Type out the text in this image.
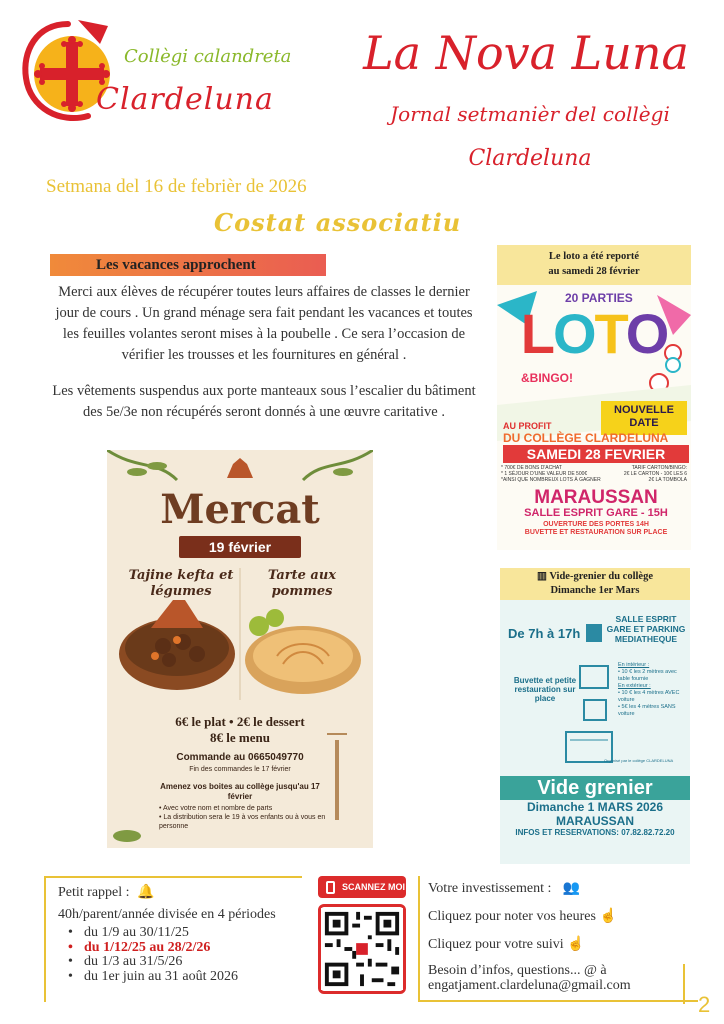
Collègi calandreta
Clardeluna
La Nova Luna
Jornal setmanièr del collègi
Clardeluna
Setmana del 16 de febrièr de 2026
Costat associatiu
Les vacances approchent

Merci aux élèves de récupérer toutes leurs affaires de classes le dernier jour de cours . Un grand ménage sera fait pendant les vacances et toutes les feuilles volantes seront mises à la poubelle . Ce sera l’occasion de vérifier les trousses et les fournitures en général .

Les vêtements suspendus aux porte manteaux sous l’escalier du bâtiment des 5e/3e non récupérés seront donnés à une œuvre caritative .

Mercat
19 février
Tajine kefta et légumes
Tarte aux pommes
6€ le plat • 2€ le dessert
8€ le menu
Commande au 0665049770
Fin des commandes le 17 février
Amenez vos boites au collège jusqu'au 17 février
• Avec votre nom et nombre de parts
• La distribution sera le 19 à vos enfants ou à vous en personne
Le loto a été reporté
au samedi 28 février
20 PARTIES
LOTO
&BINGO!
NOUVELLE
DATE
AU PROFIT
DU COLLÈGE CLARDELUNA
SAMEDI 28 FEVRIER
* 700€ DE BONS D'ACHAT
* 1 SÉJOUR D'UNE VALEUR DE 500€
*AINSI QUE NOMBREUX LOTS À GAGNER
TARIF CARTON/BINGO:
2€ LE CARTON - 10€ LES 6
2€ LA TOMBOLA
MARAUSSAN
SALLE ESPRIT GARE - 15H
OUVERTURE DES PORTES 14H
BUVETTE ET RESTAURATION SUR PLACE
▥ Vide-grenier du collège
Dimanche 1er Mars
De 7h à 17h
SALLE ESPRIT GARE ET PARKING MEDIATHEQUE
Buvette et petite restauration sur place
En intérieur :
• 10 € les 2 mètres avec table fournie
En extérieur :
• 10 € les 4 mètres AVEC voiture
• 5€ les 4 mètres SANS voiture
Organisé par le collège CLARDELUNA
Vide grenier
Dimanche 1 MARS 2026
MARAUSSAN
INFOS ET RESERVATIONS: 07.82.82.72.20
Petit rappel : 🔔
40h/parent/année divisée en 4 périodes
• du 1/9 au 30/11/25
• du 1/12/25 au 28/2/26
• du 1/3 au 31/5/26
• du 1er juin au 31 août 2026
SCANNEZ MOI Votre investissement : 👥
Cliquez pour noter vos heures ☝
Cliquez pour votre suivi ☝
Besoin d’infos, questions... @ à engatjament.clardeluna@gmail.com
2
